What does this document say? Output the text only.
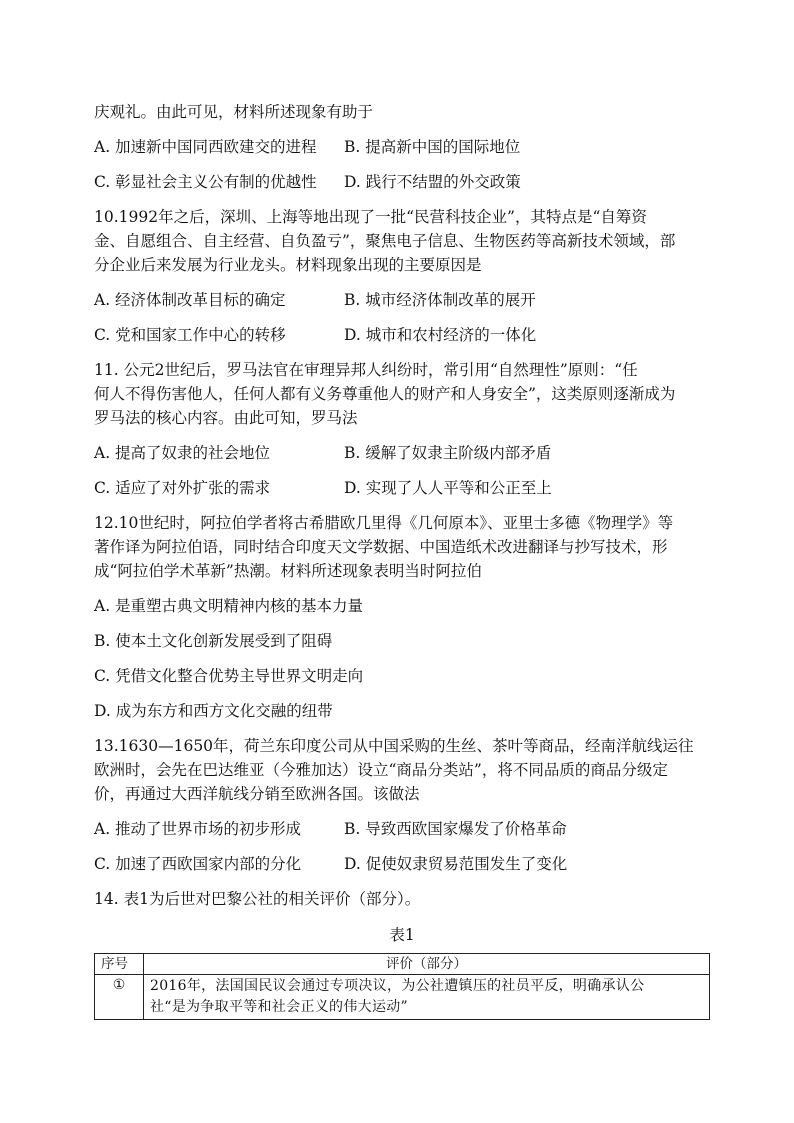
庆观礼。由此可见，材料所述现象有助于

A. 加速新中国同西欧建交的进程	B. 提高新中国的国际地位

C. 彰显社会主义公有制的优越性	D. 践行不结盟的外交政策

10.1992年之后，深圳、上海等地出现了一批“民营科技企业”，其特点是“自筹资

金、自愿组合、自主经营、自负盈亏”，聚焦电子信息、生物医药等高新技术领域，部

分企业后来发展为行业龙头。材料现象出现的主要原因是

A. 经济体制改革目标的确定	B. 城市经济体制改革的展开

C. 党和国家工作中心的转移	D. 城市和农村经济的一体化

11. 公元2世纪后，罗马法官在审理异邦人纠纷时，常引用“自然理性”原则：“任

何人不得伤害他人，任何人都有义务尊重他人的财产和人身安全”，这类原则逐渐成为

罗马法的核心内容。由此可知，罗马法

A. 提高了奴隶的社会地位	B. 缓解了奴隶主阶级内部矛盾

C. 适应了对外扩张的需求	D. 实现了人人平等和公正至上

12.10世纪时，阿拉伯学者将古希腊欧几里得《几何原本》、亚里士多德《物理学》等

著作译为阿拉伯语，同时结合印度天文学数据、中国造纸术改进翻译与抄写技术，形

成“阿拉伯学术革新”热潮。材料所述现象表明当时阿拉伯

A. 是重塑古典文明精神内核的基本力量

B. 使本土文化创新发展受到了阻碍

C. 凭借文化整合优势主导世界文明走向

D. 成为东方和西方文化交融的纽带

13.1630—1650年，荷兰东印度公司从中国采购的生丝、茶叶等商品，经南洋航线运往

欧洲时，会先在巴达维亚（今雅加达）设立“商品分类站”，将不同品质的商品分级定

价，再通过大西洋航线分销至欧洲各国。该做法

A. 推动了世界市场的初步形成	B. 导致西欧国家爆发了价格革命

C. 加速了西欧国家内部的分化	D. 促使奴隶贸易范围发生了变化

14. 表1为后世对巴黎公社的相关评价（部分）。

表1
序号	评价（部分）
①	2016年，法国国民议会通过专项决议，为公社遭镇压的社员平反，明确承认公
社“是为争取平等和社会正义的伟大运动”
